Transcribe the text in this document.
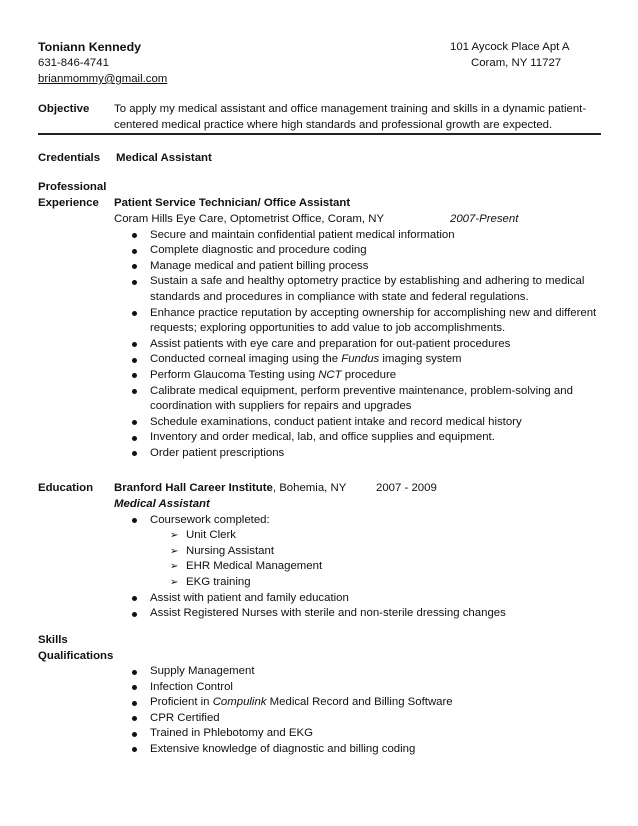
Toniann Kennedy	101 Aycock Place Apt A
631-846-4741	Coram, NY 11727
brianmommy@gmail.com
Objective To apply my medical assistant and office management training and skills in a dynamic patient-
centered medical practice where high standards and professional growth are expected.
Credentials Medical Assistant
Professional
Experience	Patient Service Technician/ Office Assistant
Coram Hills Eye Care, Optometrist Office, Coram, NY	2007-Present
Secure and maintain confidential patient medical information
Complete diagnostic and procedure coding
Manage medical and patient billing process
Sustain a safe and healthy optometry practice by establishing and adhering to medical standards and procedures in compliance with state and federal regulations.
Enhance practice reputation by accepting ownership for accomplishing new and different requests; exploring opportunities to add value to job accomplishments.
Assist patients with eye care and preparation for out-patient procedures
Conducted corneal imaging using the Fundus imaging system
Perform Glaucoma Testing using NCT procedure
Calibrate medical equipment, perform preventive maintenance, problem-solving and coordination with suppliers for repairs and upgrades
Schedule examinations, conduct patient intake and record medical history
Inventory and order medical, lab, and office supplies and equipment.
Order patient prescriptions
Education Branford Hall Career Institute, Bohemia, NY	2007 - 2009
Medical Assistant
Coursework completed:
➢ Unit Clerk
➢ Nursing Assistant
➢ EHR Medical Management
➢ EKG training
Assist with patient and family education
Assist Registered Nurses with sterile and non-sterile dressing changes
Skills
Qualifications
Supply Management
Infection Control
Proficient in Compulink Medical Record and Billing Software
CPR Certified
Trained in Phlebotomy and EKG
Extensive knowledge of diagnostic and billing coding
